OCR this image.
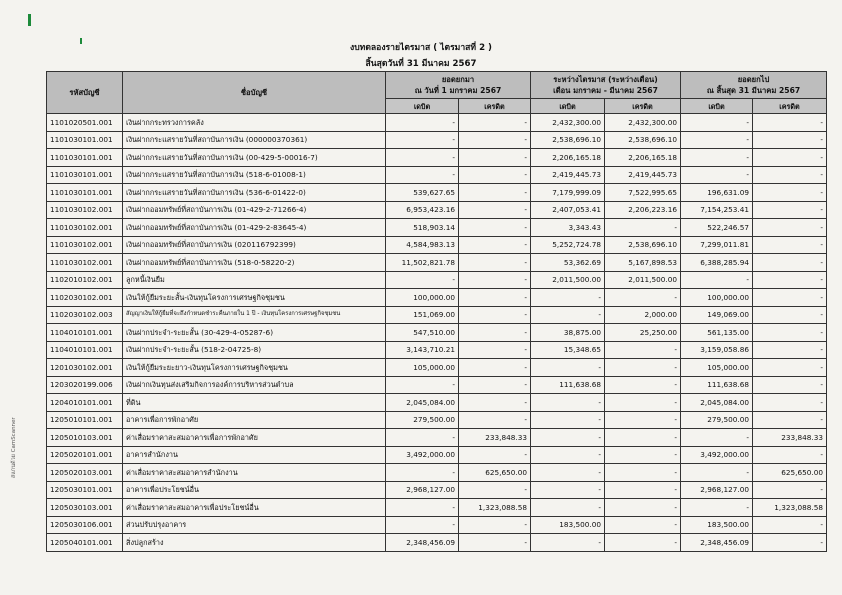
งบทดลองรายไตรมาส ( ไตรมาสที่ 2 )
สิ้นสุดวันที่ 31 มีนาคม 2567
สแกนด้วย CamScanner
รหัสบัญชี	ชื่อบัญชี	ยอดยกมา
ณ วันที่ 1 มกราคม 2567		ระหว่างไตรมาส (ระหว่างเดือน)
เดือน มกราคม - มีนาคม 2567		ยอดยกไป
ณ สิ้นสุด 31 มีนาคม 2567	

		เดบิต	เครดิต	เดบิต	เครดิต	เดบิต	เครดิต
1101020501.001	เงินฝากกระทรวงการคลัง	-	-	2,432,300.00	2,432,300.00	-	-
1101030101.001	เงินฝากกระแสรายวันที่สถาบันการเงิน (000000370361)	-	-	2,538,696.10	2,538,696.10	-	-
1101030101.001	เงินฝากกระแสรายวันที่สถาบันการเงิน (00-429-5-00016-7)	-	-	2,206,165.18	2,206,165.18	-	-
1101030101.001	เงินฝากกระแสรายวันที่สถาบันการเงิน (518-6-01008-1)	-	-	2,419,445.73	2,419,445.73	-	-
1101030101.001	เงินฝากกระแสรายวันที่สถาบันการเงิน (536-6-01422-0)	539,627.65	-	7,179,999.09	7,522,995.65	196,631.09	-
1101030102.001	เงินฝากออมทรัพย์ที่สถาบันการเงิน (01-429-2-71266-4)	6,953,423.16	-	2,407,053.41	2,206,223.16	7,154,253.41	-
1101030102.001	เงินฝากออมทรัพย์ที่สถาบันการเงิน (01-429-2-83645-4)	518,903.14	-	3,343.43	-	522,246.57	-
1101030102.001	เงินฝากออมทรัพย์ที่สถาบันการเงิน (020116792399)	4,584,983.13	-	5,252,724.78	2,538,696.10	7,299,011.81	-
1101030102.001	เงินฝากออมทรัพย์ที่สถาบันการเงิน (518-0-58220-2)	11,502,821.78	-	53,362.69	5,167,898.53	6,388,285.94	-
1102010102.001	ลูกหนี้เงินยืม	-	-	2,011,500.00	2,011,500.00	-	-
1102030102.001	เงินให้กู้ยืมระยะสั้น-เงินทุนโครงการเศรษฐกิจชุมชน	100,000.00	-	-	-	100,000.00	-
1102030102.003	สัญญาเงินให้กู้ยืมที่จะถึงกำหนดชำระคืนภายใน 1 ปี - เงินทุนโครงการเศรษฐกิจชุมชน	151,069.00	-	-	2,000.00	149,069.00	-
1104010101.001	เงินฝากประจำ-ระยะสั้น (30-429-4-05287-6)	547,510.00	-	38,875.00	25,250.00	561,135.00	-
1104010101.001	เงินฝากประจำ-ระยะสั้น (518-2-04725-8)	3,143,710.21	-	15,348.65	-	3,159,058.86	-
1201030102.001	เงินให้กู้ยืมระยะยาว-เงินทุนโครงการเศรษฐกิจชุมชน	105,000.00	-	-	-	105,000.00	-
1203020199.006	เงินฝากเงินทุนส่งเสริมกิจการองค์การบริหารส่วนตำบล	-	-	111,638.68	-	111,638.68	-
1204010101.001	ที่ดิน	2,045,084.00	-	-	-	2,045,084.00	-
1205010101.001	อาคารเพื่อการพักอาศัย	279,500.00	-	-	-	279,500.00	-
1205010103.001	ค่าเสื่อมราคาสะสมอาคารเพื่อการพักอาศัย	-	233,848.33	-	-	-	233,848.33
1205020101.001	อาคารสำนักงาน	3,492,000.00	-	-	-	3,492,000.00	-
1205020103.001	ค่าเสื่อมราคาสะสมอาคารสำนักงาน	-	625,650.00	-	-	-	625,650.00
1205030101.001	อาคารเพื่อประโยชน์อื่น	2,968,127.00	-	-	-	2,968,127.00	-
1205030103.001	ค่าเสื่อมราคาสะสมอาคารเพื่อประโยชน์อื่น	-	1,323,088.58	-	-	-	1,323,088.58
1205030106.001	ส่วนปรับปรุงอาคาร	-	-	183,500.00	-	183,500.00	-
1205040101.001	สิ่งปลูกสร้าง	2,348,456.09	-	-	-	2,348,456.09	-
